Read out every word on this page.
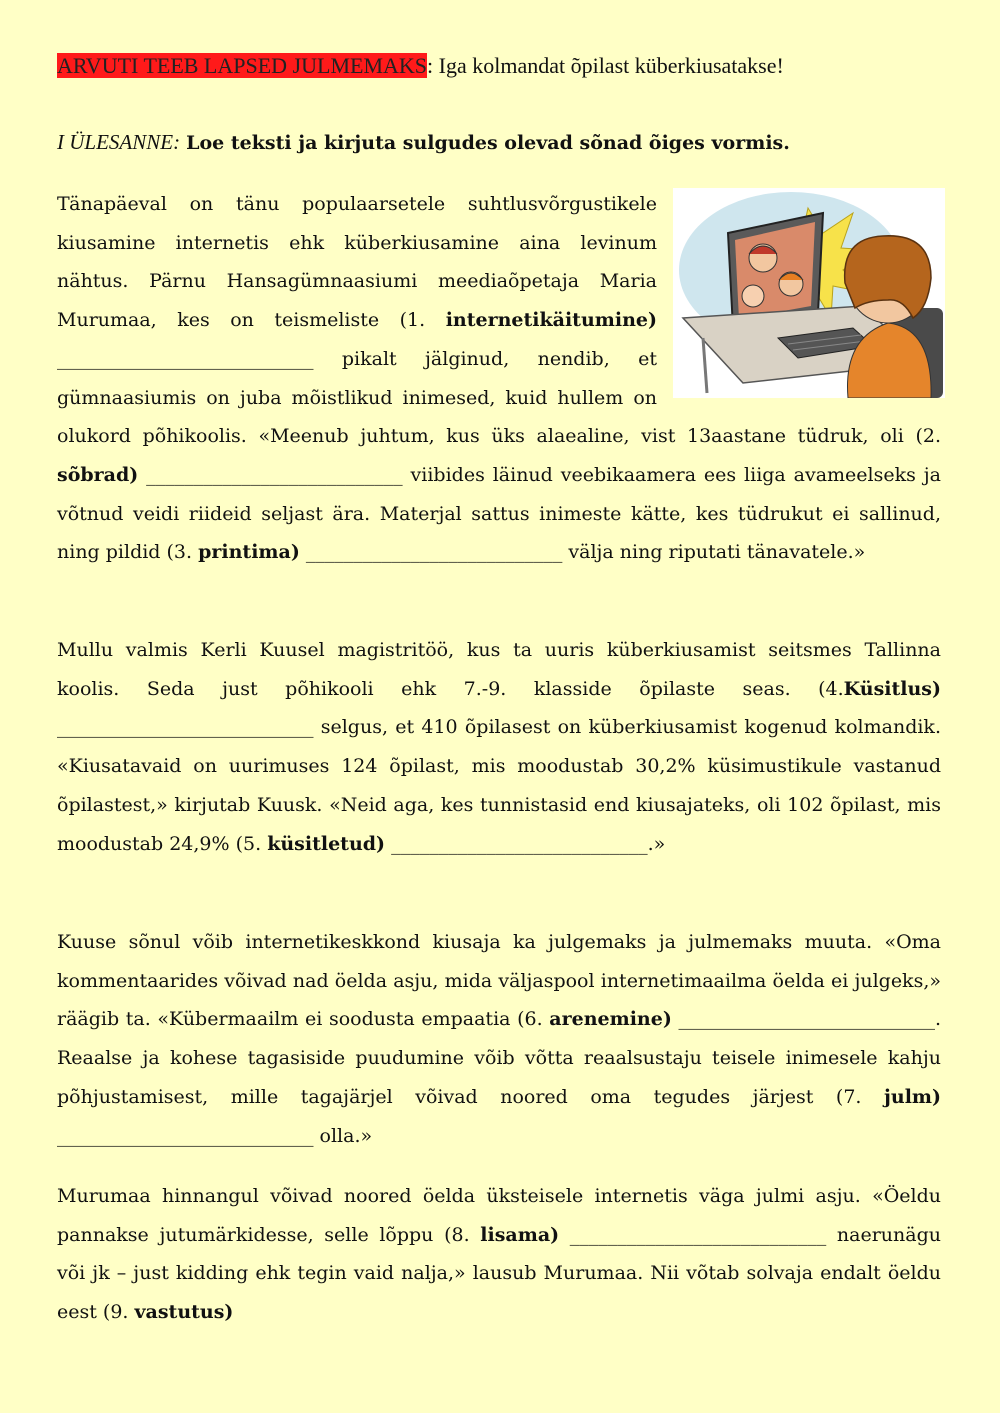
ARVUTI TEEB LAPSED JULMEMAKS: Iga kolmandat õpilast küberkiusatakse!
I ÜLESANNE: Loe teksti ja kirjuta sulgudes olevad sõnad õiges vormis.
Tänapäeval on tänu populaarsetele suhtlusvõrgustikele kiusamine internetis ehk küberkiusamine aina levinum nähtus. Pärnu Hansagümnaasiumi meediaõpetaja Maria Murumaa, kes on teismeliste (1. internetikäitumine) ___________________________ pikalt jälginud, nendib, et gümnaasiumis on juba mõistlikud inimesed, kuid hullem on olukord põhikoolis. «Meenub juhtum, kus üks alaealine, vist 13aastane tüdruk, oli (2. sõbrad) ___________________________ viibides läinud veebikaamera ees liiga avameelseks ja võtnud veidi riideid seljast ära. Materjal sattus inimeste kätte, kes tüdrukut ei sallinud, ning pildid (3. printima) ___________________________ välja ning riputati tänavatele.»
Mullu valmis Kerli Kuusel magistritöö, kus ta uuris küberkiusamist seitsmes Tallinna koolis. Seda just põhikooli ehk 7.-9. klasside õpilaste seas. (4.Küsitlus) ___________________________ selgus, et 410 õpilasest on küberkiusamist kogenud kolmandik. «Kiusatavaid on uurimuses 124 õpilast, mis moodustab 30,2% küsimustikule vastanud õpilastest,» kirjutab Kuusk. «Neid aga, kes tunnistasid end kiusajateks, oli 102 õpilast, mis moodustab 24,9% (5. küsitletud) ___________________________.»
Kuuse sõnul võib internetikeskkond kiusaja ka julgemaks ja julmemaks muuta. «Oma kommentaarides võivad nad öelda asju, mida väljaspool internetimaailma öelda ei julgeks,» räägib ta. «Kübermaailm ei soodusta empaatia (6. arenemine) ___________________________. Reaalse ja kohese tagasiside puudumine võib võtta reaalsustaju teisele inimesele kahju põhjustamisest, mille tagajärjel võivad noored oma tegudes järjest (7. julm) ___________________________ olla.»
Murumaa hinnangul võivad noored öelda üksteisele internetis väga julmi asju. «Öeldu pannakse jutumärkidesse, selle lõppu (8. lisama) ___________________________ naerunägu või jk – just kidding ehk tegin vaid nalja,» lausub Murumaa. Nii võtab solvaja endalt öeldu eest (9. vastutus)
